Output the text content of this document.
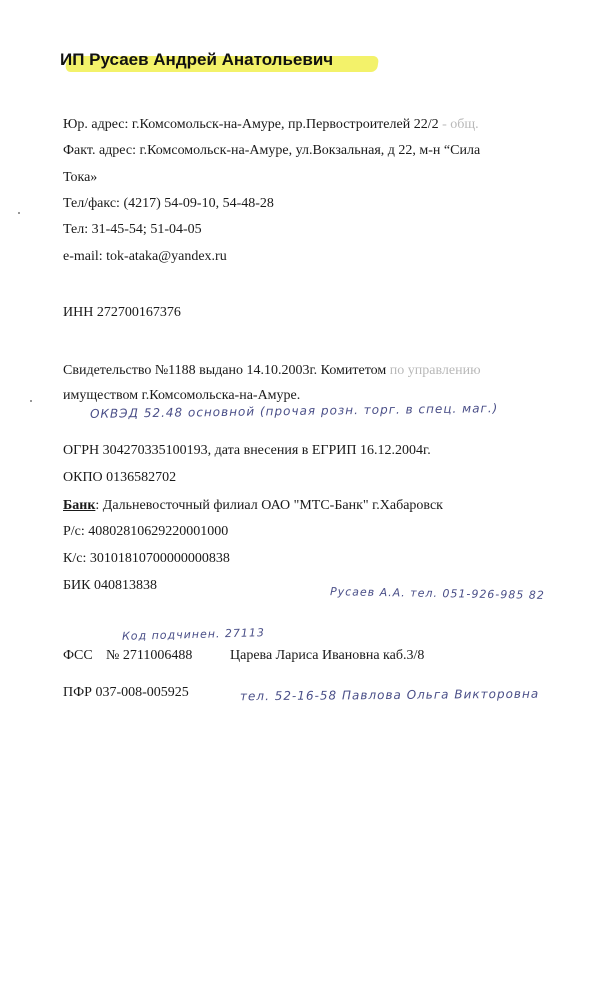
ИП Русаев Андрей Анатольевич
Юр. адрес: г.Комсомольск-на-Амуре, пр.Первостроителей 22/2 - общ.
Факт. адрес: г.Комсомольск-на-Амуре, ул.Вокзальная, д 22, м-н “Сила
Тока»
Тел/факс: (4217) 54-09-10, 54-48-28
Тел: 31-45-54; 51-04-05
e-mail: tok-ataka@yandex.ru
ИНН 272700167376
Свидетельство №1188 выдано 14.10.2003г. Комитетом по управлению
имуществом г.Комсомольска-на-Амуре.
ОКВЭД 52.48 основной (прочая розн. торг. в спец. маг.)
ОГРН 304270335100193, дата внесения в ЕГРИП 16.12.2004г.
ОКПО 0136582702
Банк: Дальневосточный филиал ОАО "МТС-Банк" г.Хабаровск
Р/с: 40802810629220001000
К/с: 30101810700000000838
БИК 040813838	Русаев А.А. тел. 051-926-985 82
Код подчинен. 27113
ФСС № 2711006488	Царева Лариса Ивановна каб.3/8
ПФР 037-008-005925	тел. 52-16-58 Павлова Ольга Викторовна
